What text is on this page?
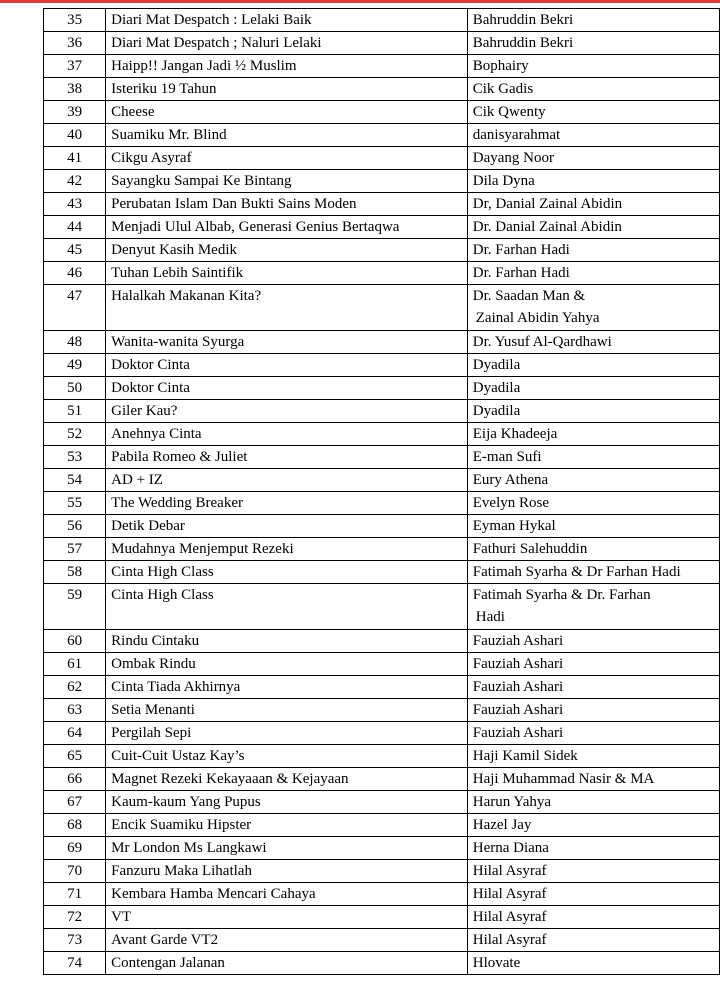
35	Diari Mat Despatch : Lelaki Baik	Bahruddin Bekri

36	Diari Mat Despatch ; Naluri Lelaki	Bahruddin Bekri

37	Haipp!! Jangan Jadi ½ Muslim	Bophairy

38	Isteriku 19 Tahun	Cik Gadis

39	Cheese	Cik Qwenty

40	Suamiku Mr. Blind	danisyarahmat

41	Cikgu Asyraf	Dayang Noor

42	Sayangku Sampai Ke Bintang	Dila Dyna

43	Perubatan Islam Dan Bukti Sains Moden	Dr, Danial Zainal Abidin

44	Menjadi Ulul Albab, Generasi Genius Bertaqwa	Dr. Danial Zainal Abidin

45	Denyut Kasih Medik	Dr. Farhan Hadi

46	Tuhan Lebih Saintifik	Dr. Farhan Hadi

47	Halalkah Makanan Kita?	Dr. Saadan Man &
Zainal Abidin Yahya

48	Wanita-wanita Syurga	Dr. Yusuf Al-Qardhawi

49	Doktor Cinta	Dyadila

50	Doktor Cinta	Dyadila

51	Giler Kau?	Dyadila

52	Anehnya Cinta	Eija Khadeeja

53	Pabila Romeo & Juliet	E-man Sufi

54	AD + IZ	Eury Athena

55	The Wedding Breaker	Evelyn Rose

56	Detik Debar	Eyman Hykal

57	Mudahnya Menjemput Rezeki	Fathuri Salehuddin

58	Cinta High Class	Fatimah Syarha & Dr Farhan Hadi

59	Cinta High Class	Fatimah Syarha & Dr. Farhan
Hadi

60	Rindu Cintaku	Fauziah Ashari

61	Ombak Rindu	Fauziah Ashari

62	Cinta Tiada Akhirnya	Fauziah Ashari

63	Setia Menanti	Fauziah Ashari

64	Pergilah Sepi	Fauziah Ashari

65	Cuit-Cuit Ustaz Kay’s	Haji Kamil Sidek

66	Magnet Rezeki Kekayaaan & Kejayaan	Haji Muhammad Nasir & MA

67	Kaum-kaum Yang Pupus	Harun Yahya

68	Encik Suamiku Hipster	Hazel Jay

69	Mr London Ms Langkawi	Herna Diana

70	Fanzuru Maka Lihatlah	Hilal Asyraf

71	Kembara Hamba Mencari Cahaya	Hilal Asyraf

72	VT	Hilal Asyraf

73	Avant Garde VT2	Hilal Asyraf

74	Contengan Jalanan	Hlovate
